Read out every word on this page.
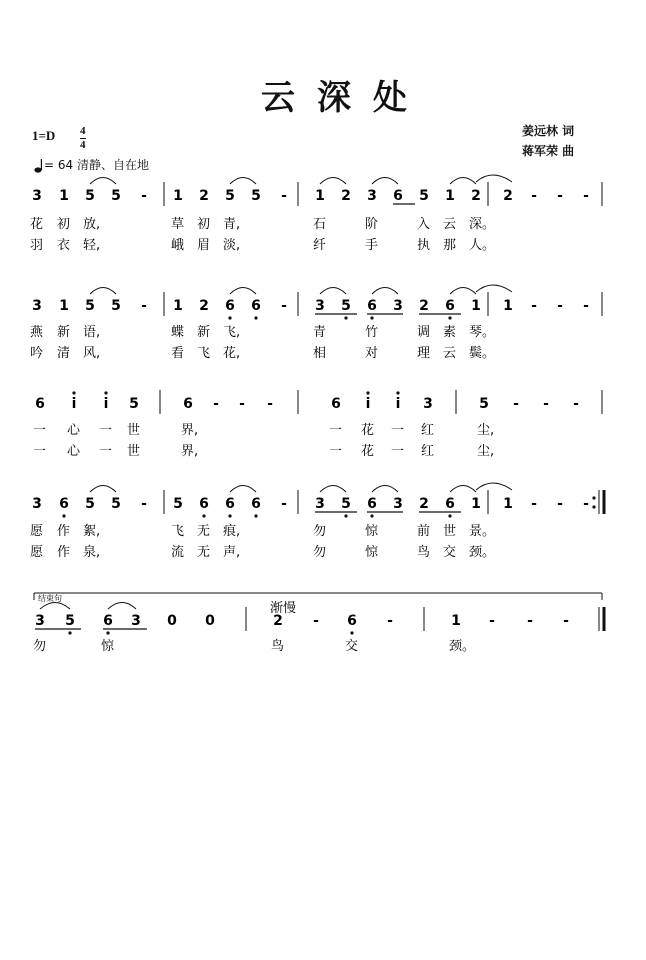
云深处
姜远林 词
蒋军荣 曲
1=D 4
4
= 64 清静、自在地
3 1 5 5 - 1 2 5 5 - 1 2 3 6 5 1 2 2 - - -
花 初 放,	草 初 青,	石	阶	入 云 深。
羽 衣 轻,	峨 眉 淡,	纤	手	执 那 人。
3 1 5 5 - 1 2 6 6 - 3 5 6 3 2 6 1 1 - - -
燕 新 语,	蝶 新 飞,	青	竹	调 素 琴。
吟 清 风,	看 飞 花,	相	对	理 云 鬓。
6 i i 5	6 - - -	6 i i 3	5 - - -
一 心 一 世	界,	一 花 一 红	尘,
一 心 一 世	界,	一 花 一 红	尘,
3 6 5 5 - 5 6 6 6 - 3 5 6 3 2 6 1 1 - - -
愿 作 絮,	飞 无 痕,	勿	惊	前 世 景。
愿 作 泉,	流 无 声,	勿	惊	鸟 交 颈。
3 5 6 3 0 0	2 - 6 -	1 - - -
勿	惊	鸟	交	颈。
结束句
渐慢
